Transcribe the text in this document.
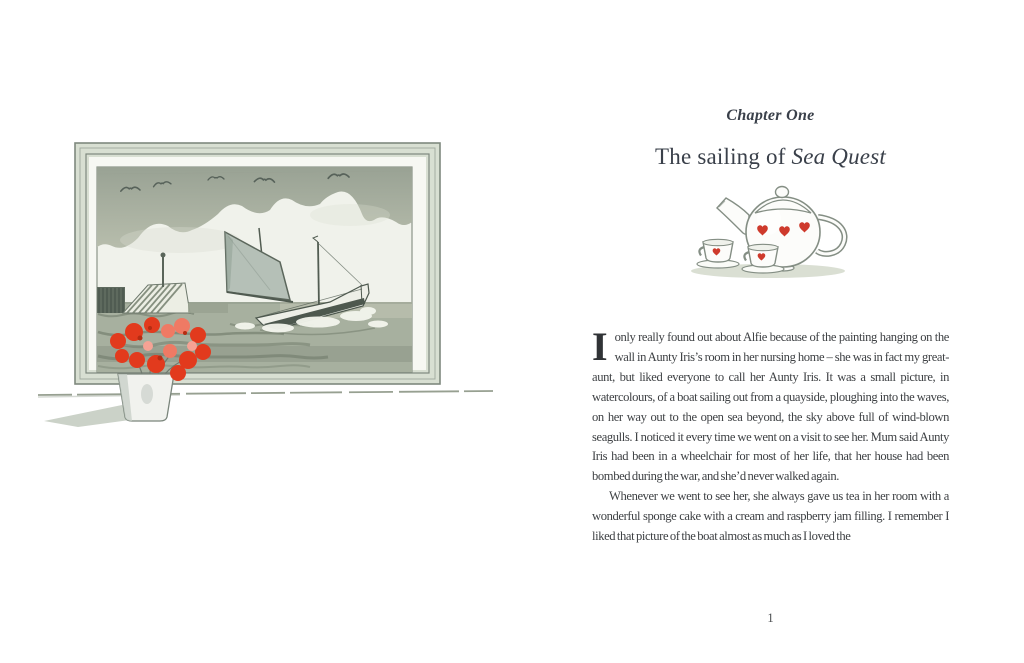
Chapter One
The sailing of Sea Quest

Ionly really found out about Alfie because of the painting hanging on the wall in Aunty Iris’s room in her nursing home – she was in fact my great-aunt, but liked everyone to call her Aunty Iris. It was a small picture, in watercolours, of a boat sailing out from a quayside, ploughing into the waves, on her way out to the open sea beyond, the sky above full of wind-blown seagulls. I noticed it every time we went on a visit to see her. Mum said Aunty Iris had been in a wheelchair for most of her life, that her house had been bombed during the war, and she’d never walked again.

Whenever we went to see her, she always gave us tea in her room with a wonderful sponge cake with a cream and raspberry jam filling. I remember I liked that picture of the boat almost as much as I loved the

1
